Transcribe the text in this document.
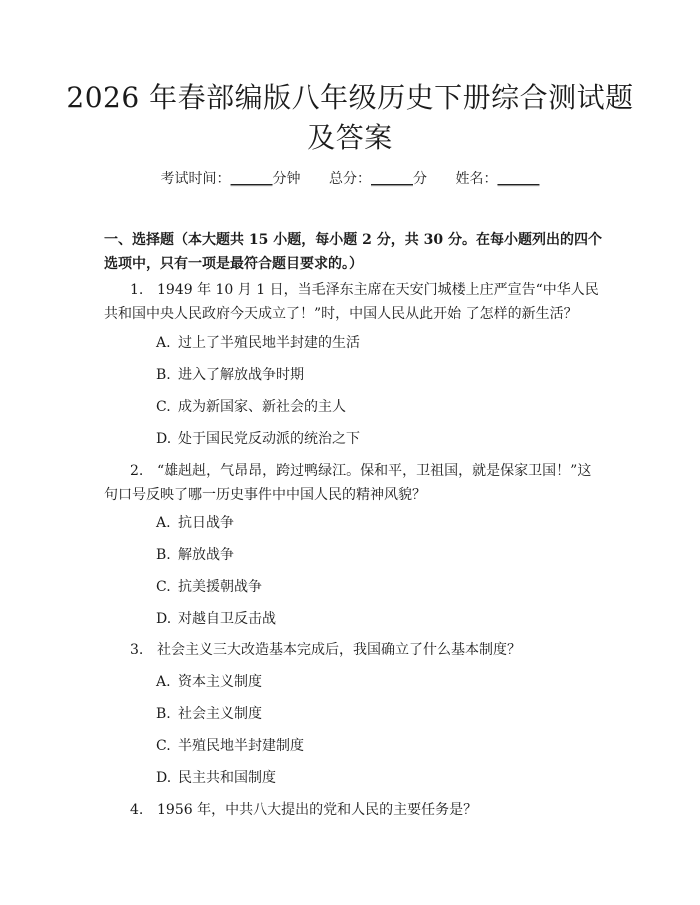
2026 年春部编版八年级历史下册综合测试题
及答案
考试时间：______分钟 总分：______分 姓名：______
一、选择题（本大题共 15 小题，每小题 2 分，共 30 分。在每小题列出的四个选项中，只有一项是最符合题目要求的。）
1. 1949 年 10 月 1 日，当毛泽东主席在天安门城楼上庄严宣告“中华人民共和国中央人民政府今天成立了！”时，中国人民从此开始 了怎样的新生活？
A. 过上了半殖民地半封建的生活
B. 进入了解放战争时期
C. 成为新国家、新社会的主人
D. 处于国民党反动派的统治之下
2. “雄赳赳，气昂昂，跨过鸭绿江。保和平，卫祖国，就是保家卫国！”这句口号反映了哪一历史事件中中国人民的精神风貌？
A. 抗日战争
B. 解放战争
C. 抗美援朝战争
D. 对越自卫反击战
3. 社会主义三大改造基本完成后，我国确立了什么基本制度？
A. 资本主义制度
B. 社会主义制度
C. 半殖民地半封建制度
D. 民主共和国制度
4. 1956 年，中共八大提出的党和人民的主要任务是？
